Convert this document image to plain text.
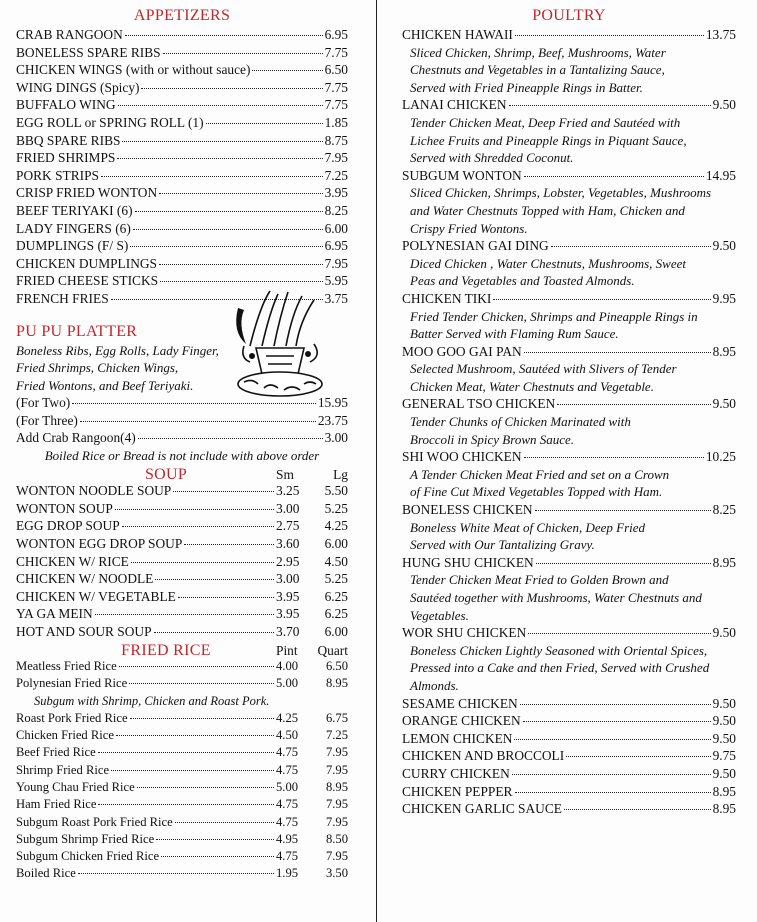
APPETIZERS
CRAB RANGOON	6.95
BONELESS SPARE RIBS	7.75
CHICKEN WINGS (with or without sauce)	6.50
WING DINGS (Spicy)	7.75
BUFFALO WING	7.75
EGG ROLL or SPRING ROLL (1)	1.85
BBQ SPARE RIBS	8.75
FRIED SHRIMPS	7.95
PORK STRIPS	7.25
CRISP FRIED WONTON	3.95
BEEF TERIYAKI (6)	8.25
LADY FINGERS (6)	6.00
DUMPLINGS (F/ S)	6.95
CHICKEN DUMPLINGS	7.95
FRIED CHEESE STICKS	5.95
FRENCH FRIES	3.75
PU PU PLATTER
Boneless Ribs, Egg Rolls, Lady Finger,
Fried Shrimps, Chicken Wings,
Fried Wontons, and Beef Teriyaki.
(For Two)	15.95
(For Three)	23.75
Add Crab Rangoon(4)	3.00
Boiled Rice or Bread is not include with above order
SOUP	Sm	Lg
WONTON NOODLE SOUP	3.25	5.50
WONTON SOUP	3.00	5.25
EGG DROP SOUP	2.75	4.25
WONTON EGG DROP SOUP	3.60	6.00
CHICKEN W/ RICE	2.95	4.50
CHICKEN W/ NOODLE	3.00	5.25
CHICKEN W/ VEGETABLE	3.95	6.25
YA GA MEIN	3.95	6.25
HOT AND SOUR SOUP	3.70	6.00
FRIED RICE	Pint	Quart
Meatless Fried Rice	4.00	6.50
Polynesian Fried Rice	5.00	8.95
Subgum with Shrimp, Chicken and Roast Pork.
Roast Pork Fried Rice	4.25	6.75
Chicken Fried Rice	4.50	7.25
Beef Fried Rice	4.75	7.95
Shrimp Fried Rice	4.75	7.95
Young Chau Fried Rice	5.00	8.95
Ham Fried Rice	4.75	7.95
Subgum Roast Pork Fried Rice	4.75	7.95
Subgum Shrimp Fried Rice	4.95	8.50
Subgum Chicken Fried Rice	4.75	7.95
Boiled Rice	1.95	3.50
POULTRY
CHICKEN HAWAII	13.75
Sliced Chicken, Shrimp, Beef, Mushrooms, Water
Chestnuts and Vegetables in a Tantalizing Sauce,
Served with Fried Pineapple Rings in Batter.
LANAI CHICKEN	9.50
Tender Chicken Meat, Deep Fried and Sautéed with
Lichee Fruits and Pineapple Rings in Piquant Sauce,
Served with Shredded Coconut.
SUBGUM WONTON	14.95
Sliced Chicken, Shrimps, Lobster, Vegetables, Mushrooms
and Water Chestnuts Topped with Ham, Chicken and
Crispy Fried Wontons.
POLYNESIAN GAI DING	9.50
Diced Chicken , Water Chestnuts, Mushrooms, Sweet
Peas and Vegetables and Toasted Almonds.
CHICKEN TIKI	9.95
Fried Tender Chicken, Shrimps and Pineapple Rings in
Batter Served with Flaming Rum Sauce.
MOO GOO GAI PAN	8.95
Selected Mushroom, Sautéed with Slivers of Tender
Chicken Meat, Water Chestnuts and Vegetable.
GENERAL TSO CHICKEN	9.50
Tender Chunks of Chicken Marinated with
Broccoli in Spicy Brown Sauce.
SHI WOO CHICKEN	10.25
A Tender Chicken Meat Fried and set on a Crown
of Fine Cut Mixed Vegetables Topped with Ham.
BONELESS CHICKEN	8.25
Boneless White Meat of Chicken, Deep Fried
Served with Our Tantalizing Gravy.
HUNG SHU CHICKEN	8.95
Tender Chicken Meat Fried to Golden Brown and
Sautéed together with Mushrooms, Water Chestnuts and
Vegetables.
WOR SHU CHICKEN	9.50
Boneless Chicken Lightly Seasoned with Oriental Spices,
Pressed into a Cake and then Fried, Served with Crushed
Almonds.
SESAME CHICKEN	9.50
ORANGE CHICKEN	9.50
LEMON CHICKEN	9.50
CHICKEN AND BROCCOLI	9.75
CURRY CHICKEN	9.50
CHICKEN PEPPER	8.95
CHICKEN GARLIC SAUCE	8.95
